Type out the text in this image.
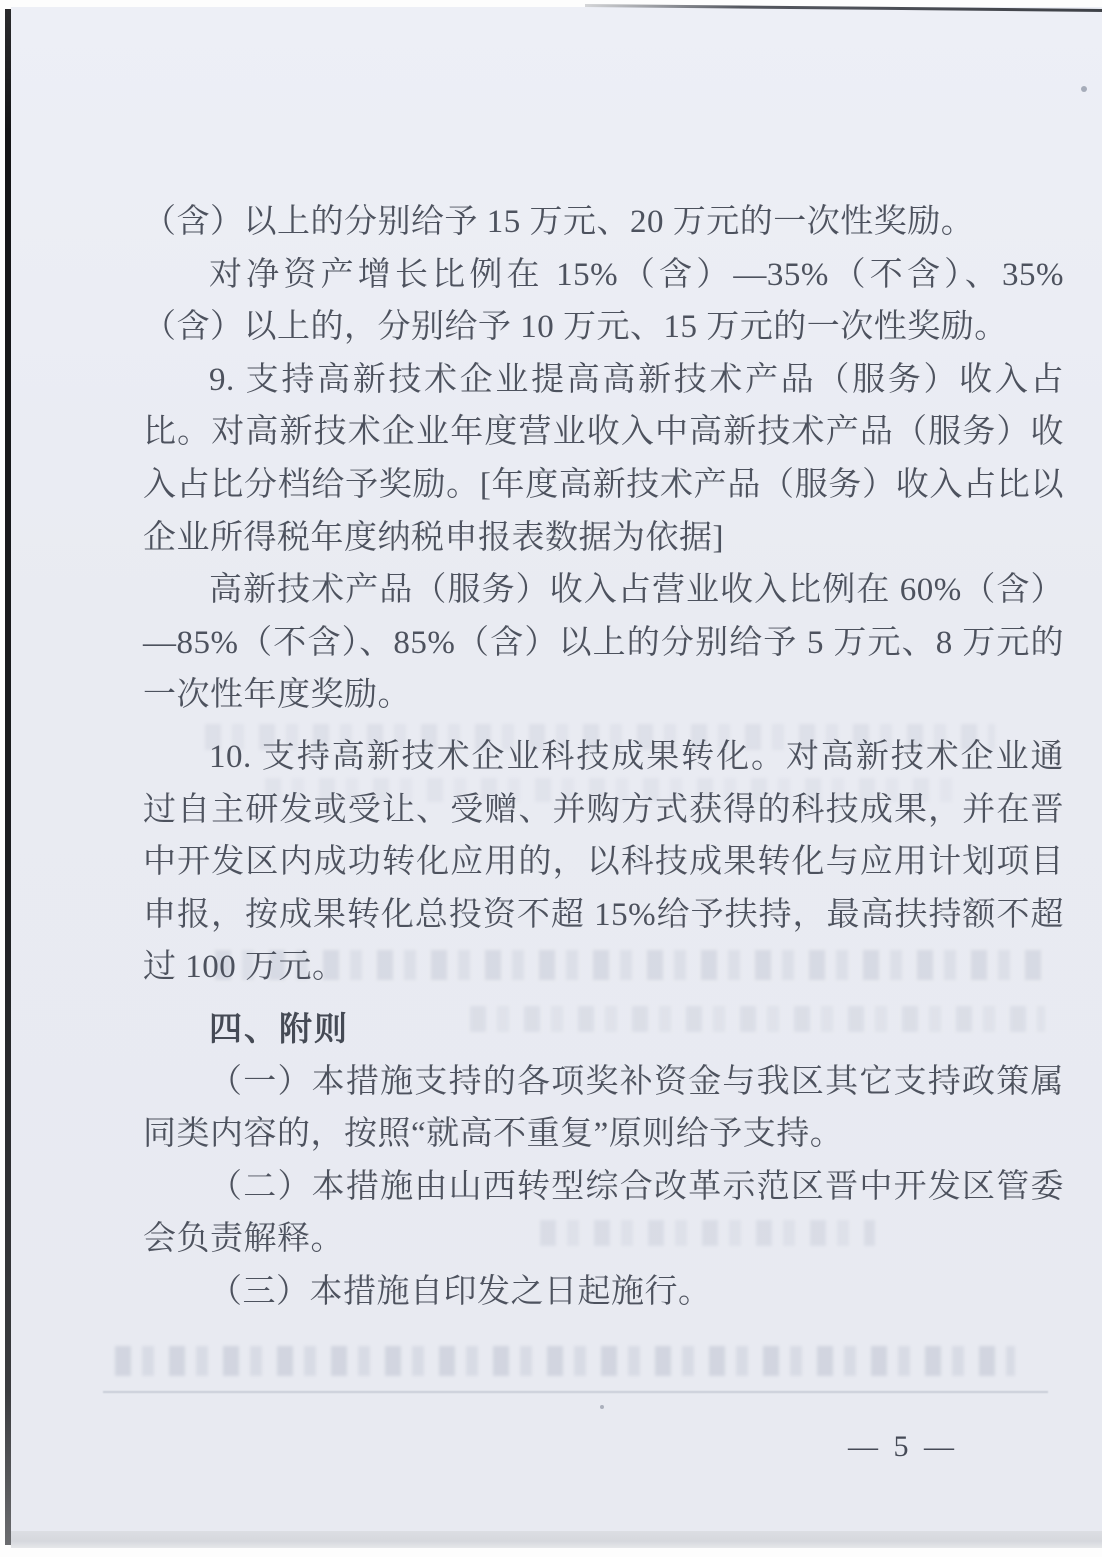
（含）以上的分别给予 15 万元、20 万元的一次性奖励。

对净资产增长比例在 15%（含）—35%（不含）、35%（含）以上的，分别给予 10 万元、15 万元的一次性奖励。

9. 支持高新技术企业提高高新技术产品（服务）收入占比。对高新技术企业年度营业收入中高新技术产品（服务）收入占比分档给予奖励。[年度高新技术产品（服务）收入占比以企业所得税年度纳税申报表数据为依据]

高新技术产品（服务）收入占营业收入比例在 60%（含）—85%（不含）、85%（含）以上的分别给予 5 万元、8 万元的一次性年度奖励。

10. 支持高新技术企业科技成果转化。对高新技术企业通过自主研发或受让、受赠、并购方式获得的科技成果，并在晋中开发区内成功转化应用的，以科技成果转化与应用计划项目申报，按成果转化总投资不超 15%给予扶持，最高扶持额不超过 100 万元。

四、附则

（一）本措施支持的各项奖补资金与我区其它支持政策属同类内容的，按照“就高不重复”原则给予支持。

（二）本措施由山西转型综合改革示范区晋中开发区管委会负责解释。

（三）本措施自印发之日起施行。

— 5 —
